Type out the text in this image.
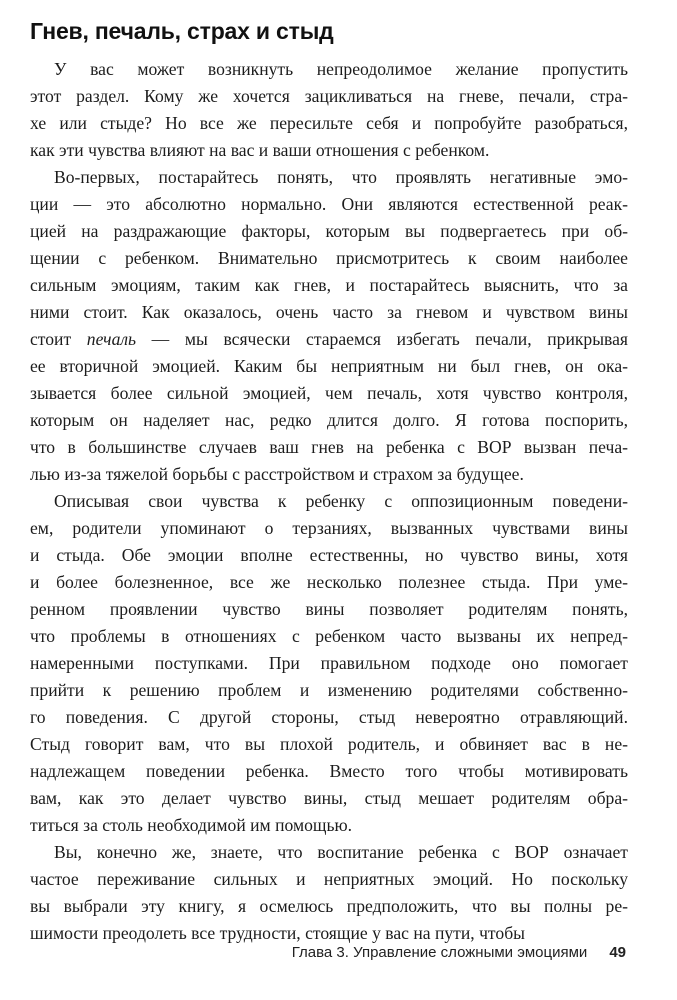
Гнев, печаль, страх и стыд
У вас может возникнуть непреодолимое желание пропустить
этот раздел. Кому же хочется зацикливаться на гневе, печали, стра-
хе или стыде? Но все же пересильте себя и попробуйте разобраться,
как эти чувства влияют на вас и ваши отношения с ребенком.
Во-первых, постарайтесь понять, что проявлять негативные эмо-
ции — это абсолютно нормально. Они являются естественной реак-
цией на раздражающие факторы, которым вы подвергаетесь при об-
щении с ребенком. Внимательно присмотритесь к своим наиболее
сильным эмоциям, таким как гнев, и постарайтесь выяснить, что за
ними стоит. Как оказалось, очень часто за гневом и чувством вины
стоит печаль — мы всячески стараемся избегать печали, прикрывая
ее вторичной эмоцией. Каким бы неприятным ни был гнев, он ока-
зывается более сильной эмоцией, чем печаль, хотя чувство контроля,
которым он наделяет нас, редко длится долго. Я готова поспорить,
что в большинстве случаев ваш гнев на ребенка с ВОР вызван печа-
лью из-за тяжелой борьбы с расстройством и страхом за будущее.
Описывая свои чувства к ребенку с оппозиционным поведени-
ем, родители упоминают о терзаниях, вызванных чувствами вины
и стыда. Обе эмоции вполне естественны, но чувство вины, хотя
и более болезненное, все же несколько полезнее стыда. При уме-
ренном проявлении чувство вины позволяет родителям понять,
что проблемы в отношениях с ребенком часто вызваны их непред-
намеренными поступками. При правильном подходе оно помогает
прийти к решению проблем и изменению родителями собственно-
го поведения. С другой стороны, стыд невероятно отравляющий.
Стыд говорит вам, что вы плохой родитель, и обвиняет вас в не-
надлежащем поведении ребенка. Вместо того чтобы мотивировать
вам, как это делает чувство вины, стыд мешает родителям обра-
титься за столь необходимой им помощью.
Вы, конечно же, знаете, что воспитание ребенка с ВОР означает
частое переживание сильных и неприятных эмоций. Но поскольку
вы выбрали эту книгу, я осмелюсь предположить, что вы полны ре-
шимости преодолеть все трудности, стоящие у вас на пути, чтобы
Глава 3. Управление сложными эмоциями 49
